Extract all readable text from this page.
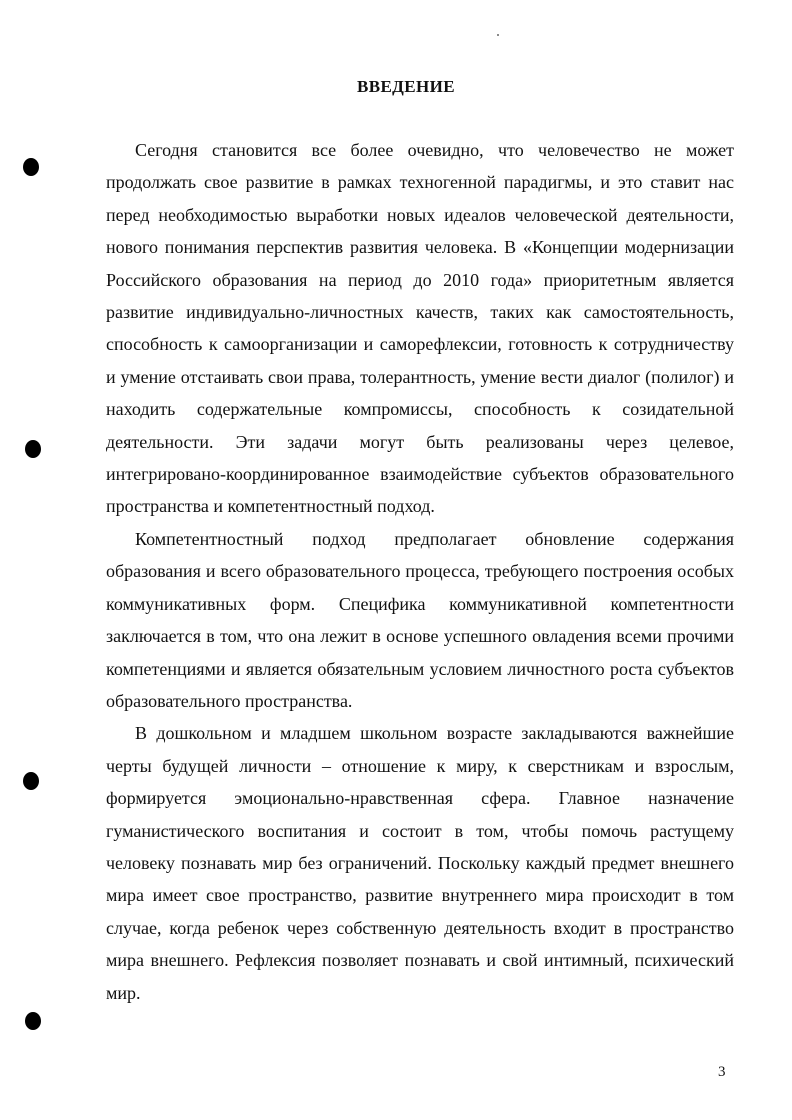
ВВЕДЕНИЕ

Сегодня становится все более очевидно, что человечество не может продолжать свое развитие в рамках техногенной парадигмы, и это ставит нас перед необходимостью выработки новых идеалов человеческой деятельности, нового понимания перспектив развития человека. В «Концепции модернизации Российского образования на период до 2010 года» приоритетным является развитие индивидуально-личностных качеств, таких как самостоятельность, способность к самоорганизации и саморефлексии, готовность к сотрудничеству и умение отстаивать свои права, толерантность, умение вести диалог (полилог) и находить содержательные компромиссы, способность к созидательной деятельности. Эти задачи могут быть реализованы через целевое, интегрировано-координированное взаимодействие субъектов образовательного пространства и компетентностный подход.

Компетентностный подход предполагает обновление содержания образования и всего образовательного процесса, требующего построения особых коммуникативных форм. Специфика коммуникативной компетентности заключается в том, что она лежит в основе успешного овладения всеми прочими компетенциями и является обязательным условием личностного роста субъектов образовательного пространства.

В дошкольном и младшем школьном возрасте закладываются важнейшие черты будущей личности – отношение к миру, к сверстникам и взрослым, формируется эмоционально-нравственная сфера. Главное назначение гуманистического воспитания и состоит в том, чтобы помочь растущему человеку познавать мир без ограничений. Поскольку каждый предмет внешнего мира имеет свое пространство, развитие внутреннего мира происходит в том случае, когда ребенок через собственную деятельность входит в пространство мира внешнего. Рефлексия позволяет познавать и свой интимный, психический мир.

3
